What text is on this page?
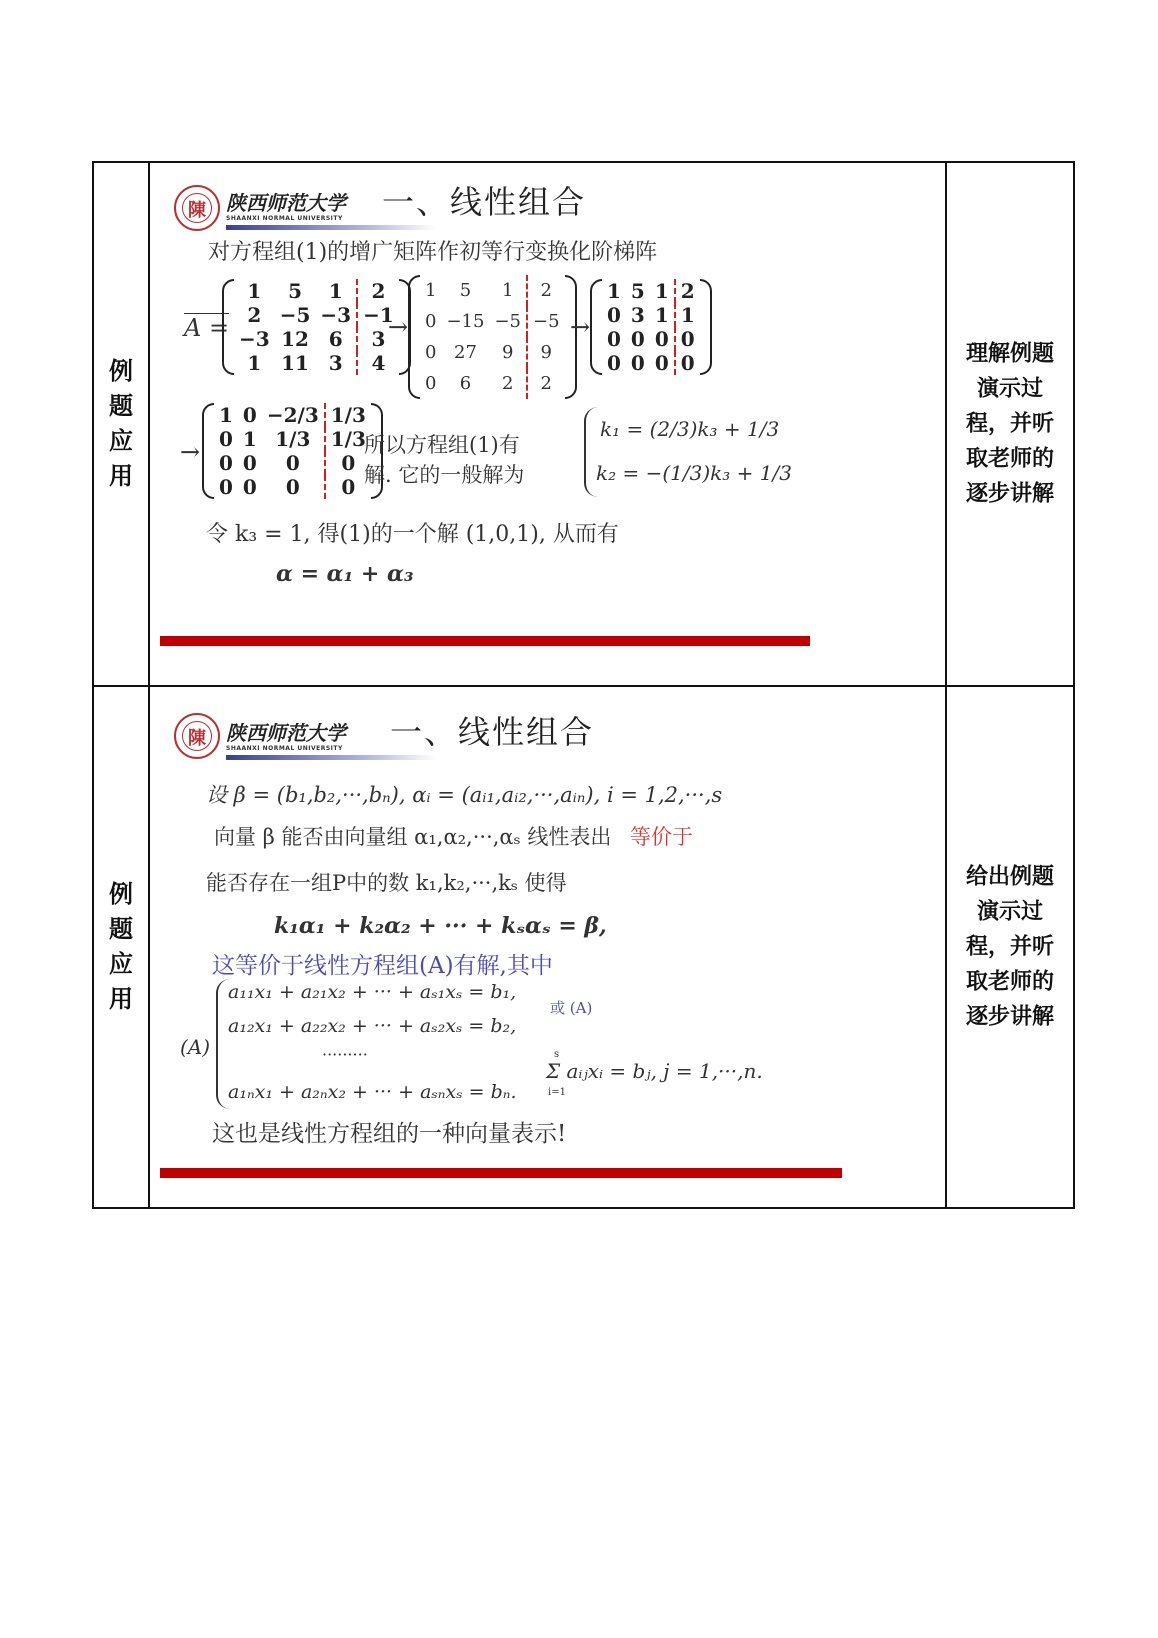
例
题
应
用
陳	陕西师范大学
SHAANXI NORMAL UNIVERSITY 一、线性组合
对方程组(1)的增广矩阵作初等行变换化阶梯阵
A =
1	5	1	2
2	−5	−3	−1
−3	12	6	3
1	11	3	4
→
1	5	1	2
0	−15	−5	−5
0	27	9	9
0	6	2	2
→
1	5	1	2
0	3	1	1
0	0	0	0
0	0	0	0
→
1	0	−2/3	1/3
0	1	1/3	1/3
0	0	0	0
0	0	0	0
所以方程组(1)有
解. 它的一般解为
k₁ = (2/3)k₃ + 1/3
k₂ = −(1/3)k₃ + 1/3
令 k₃ = 1, 得(1)的一个解 (1,0,1), 从而有
α = α₁ + α₃
理解例题
演示过
程，并听
取老师的
逐步讲解
例
题
应
用
陳	陕西师范大学
SHAANXI NORMAL UNIVERSITY 一、线性组合
设 β = (b₁,b₂,···,bₙ), αᵢ = (aᵢ₁,aᵢ₂,···,aᵢₙ), i = 1,2,···,s
向量 β 能否由向量组 α₁,α₂,···,αₛ 线性表出 等价于
能否存在一组P中的数 k₁,k₂,···,kₛ 使得
k₁α₁ + k₂α₂ + ··· + kₛαₛ = β,
这等价于线性方程组(A)有解,其中
(A)
a₁₁x₁ + a₂₁x₂ + ··· + aₛ₁xₛ = b₁,
a₁₂x₁ + a₂₂x₂ + ··· + aₛ₂xₛ = b₂,
·········
a₁ₙx₁ + a₂ₙx₂ + ··· + aₛₙxₛ = bₙ.
或 (A)
s
Σ aᵢⱼxᵢ = bⱼ, j = 1,···,n.
i=1
这也是线性方程组的一种向量表示!
给出例题
演示过
程，并听
取老师的
逐步讲解
